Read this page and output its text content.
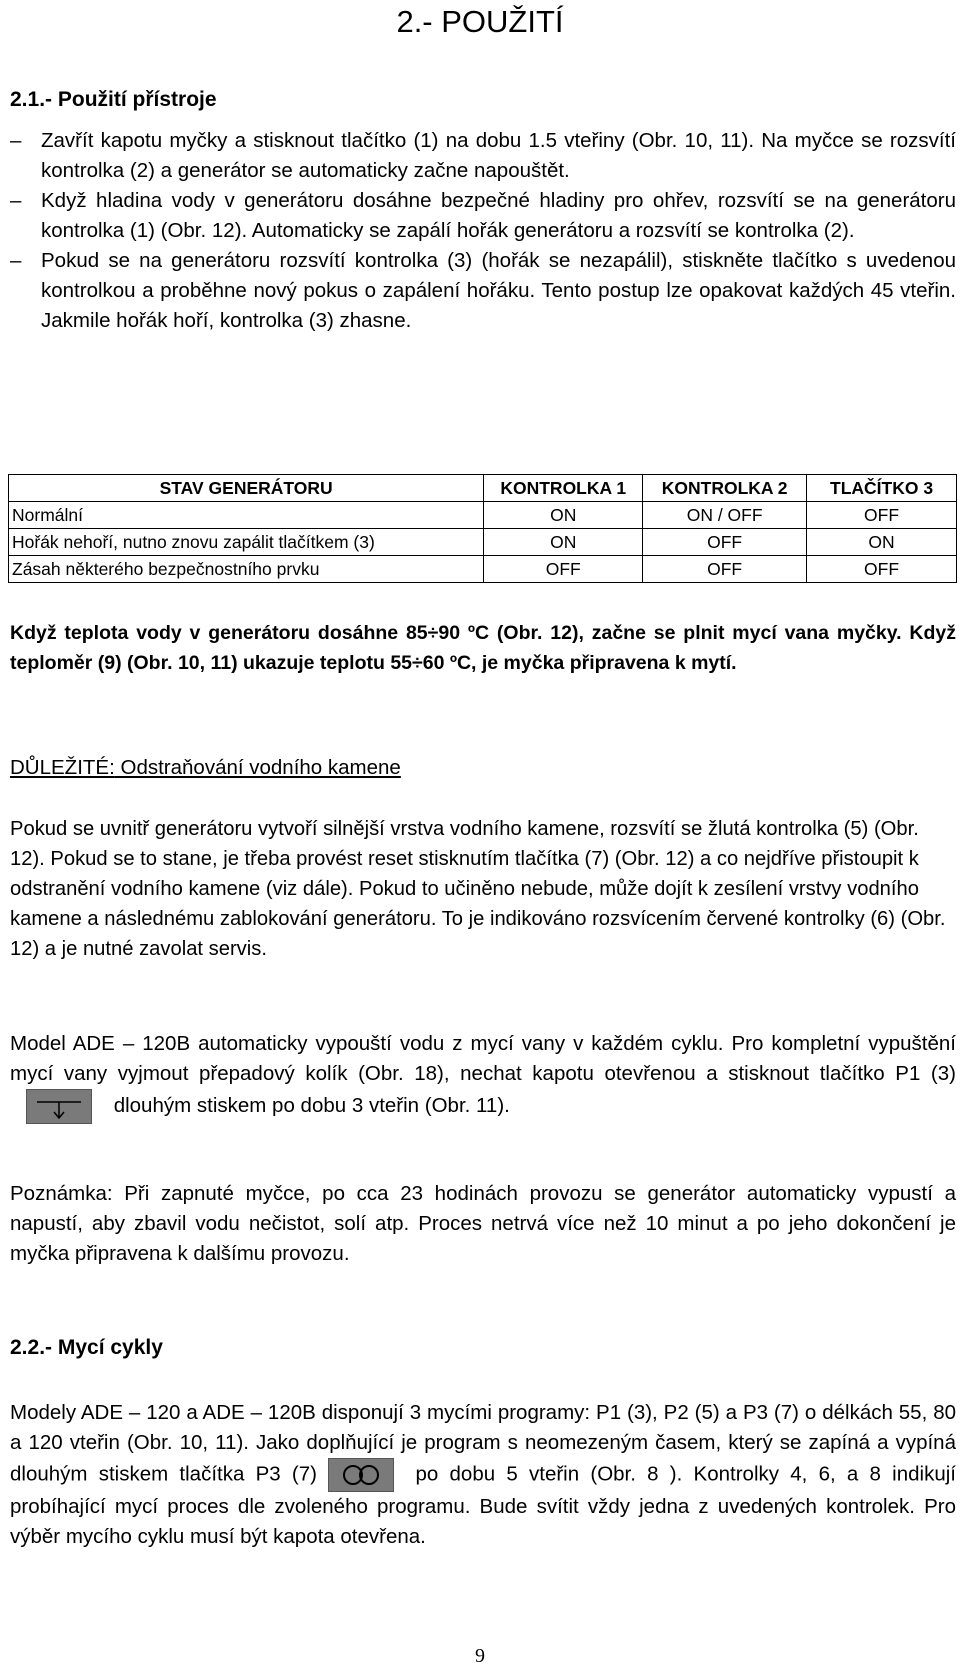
2.- POUŽITÍ
2.1.- Použití přístroje
– Zavřít kapotu myčky a stisknout tlačítko (1) na dobu 1.5 vteřiny (Obr. 10, 11). Na myčce se rozsvítí kontrolka (2) a generátor se automaticky začne napouštět.
– Když hladina vody v generátoru dosáhne bezpečné hladiny pro ohřev, rozsvítí se na generátoru kontrolka (1) (Obr. 12). Automaticky se zapálí hořák generátoru a rozsvítí se kontrolka (2).
– Pokud se na generátoru rozsvítí kontrolka (3) (hořák se nezapálil), stiskněte tlačítko s uvedenou kontrolkou a proběhne nový pokus o zapálení hořáku. Tento postup lze opakovat každých 45 vteřin. Jakmile hořák hoří, kontrolka (3) zhasne.
STAV GENERÁTORU	KONTROLKA 1	KONTROLKA 2	TLAČÍTKO 3
Normální	ON	ON / OFF	OFF
Hořák nehoří, nutno znovu zapálit tlačítkem (3)	ON	OFF	ON
Zásah některého bezpečnostního prvku	OFF	OFF	OFF
Když teplota vody v generátoru dosáhne 85÷90 ºC (Obr. 12), začne se plnit mycí vana myčky. Když teploměr (9) (Obr. 10, 11) ukazuje teplotu 55÷60 ºC, je myčka připravena k mytí.
DŮLEŽITÉ: Odstraňování vodního kamene
Pokud se uvnitř generátoru vytvoří silnější vrstva vodního kamene, rozsvítí se žlutá kontrolka (5) (Obr. 12). Pokud se to stane, je třeba provést reset stisknutím tlačítka (7) (Obr. 12) a co nejdříve přistoupit k odstranění vodního kamene (viz dále). Pokud to učiněno nebude, může dojít k zesílení vrstvy vodního kamene a následnému zablokování generátoru. To je indikováno rozsvícením červené kontrolky (6) (Obr. 12) a je nutné zavolat servis.
Model ADE – 120B automaticky vypouští vodu z mycí vany v každém cyklu. Pro kompletní vypuštění mycí vany vyjmout přepadový kolík (Obr. 18), nechat kapotu otevřenou a stisknout tlačítko P1 (3)  dlouhým stiskem po dobu 3 vteřin (Obr. 11).
Poznámka: Při zapnuté myčce, po cca 23 hodinách provozu se generátor automaticky vypustí a napustí, aby zbavil vodu nečistot, solí atp. Proces netrvá více než 10 minut a po jeho dokončení je myčka připravena k dalšímu provozu.
2.2.- Mycí cykly
Modely ADE – 120 a ADE – 120B disponují 3 mycími programy: P1 (3), P2 (5) a P3 (7) o délkách 55, 80 a 120 vteřin (Obr. 10, 11). Jako doplňující je program s neomezeným časem, který se zapíná a vypíná dlouhým stiskem tlačítka P3 (7)	po dobu 5 vteřin (Obr. 8 ). Kontrolky 4, 6, a 8 indikují probíhající mycí proces dle zvoleného programu. Bude svítit vždy jedna z uvedených kontrolek. Pro výběr mycího cyklu musí být kapota otevřena.
9
